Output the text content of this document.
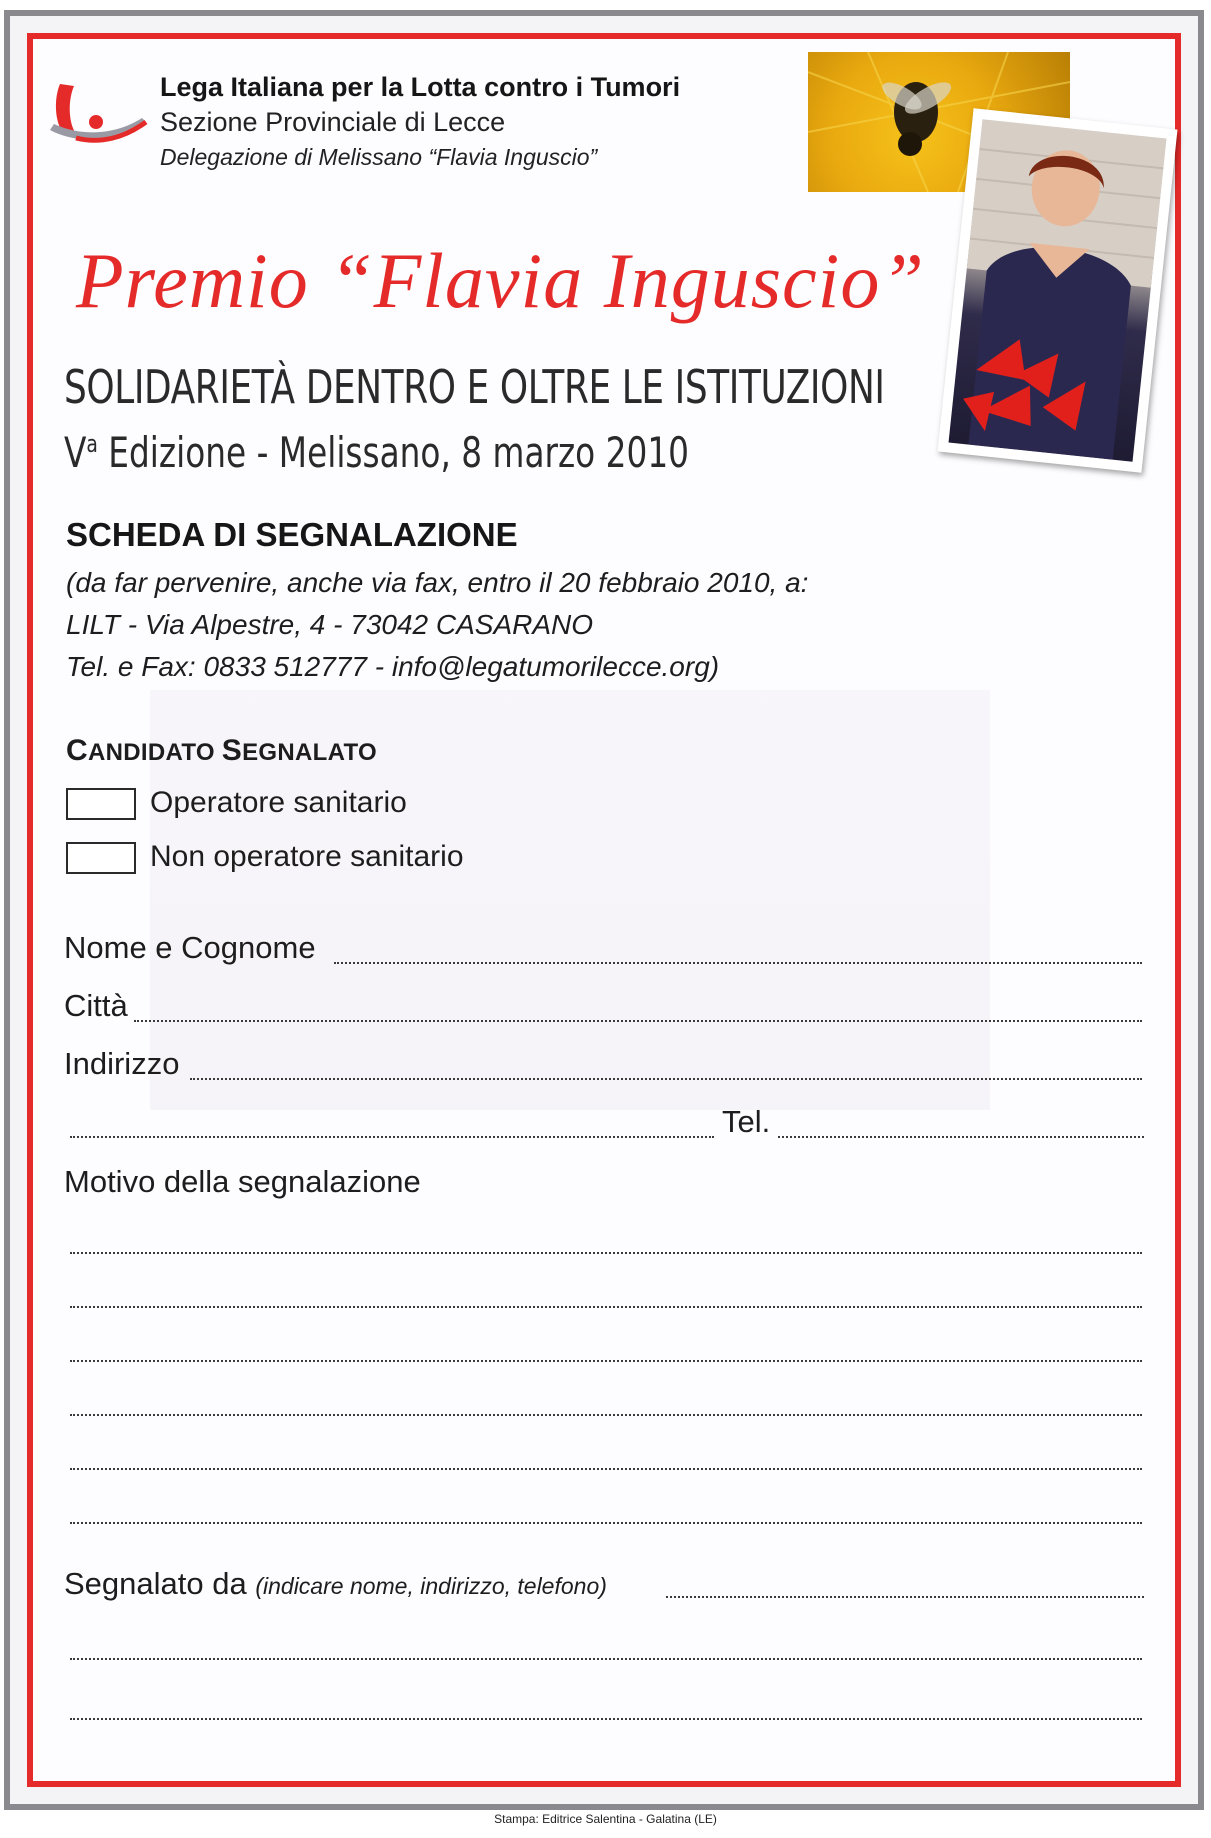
Lega Italiana per la Lotta contro i Tumori
Sezione Provinciale di Lecce
Delegazione di Melissano “Flavia Inguscio”
Premio “Flavia Inguscio”
SOLIDARIETÀ DENTRO E OLTRE LE ISTITUZIONI
$V^a$ Edizione - Melissano, 8 marzo 2010
SCHEDA DI SEGNALAZIONE
(da far pervenire, anche via fax, entro il 20 febbraio 2010, a:
LILT - Via Alpestre, 4 - 73042 CASARANO
Tel. e Fax: 0833 512777 - info@legatumorilecce.org)
CANDIDATO SEGNALATO
Operatore sanitario
Non operatore sanitario
Nome e Cognome
Città
Indirizzo
Tel.
Motivo della segnalazione
Segnalato da (indicare nome, indirizzo, telefono)
Stampa: Editrice Salentina - Galatina (LE)
